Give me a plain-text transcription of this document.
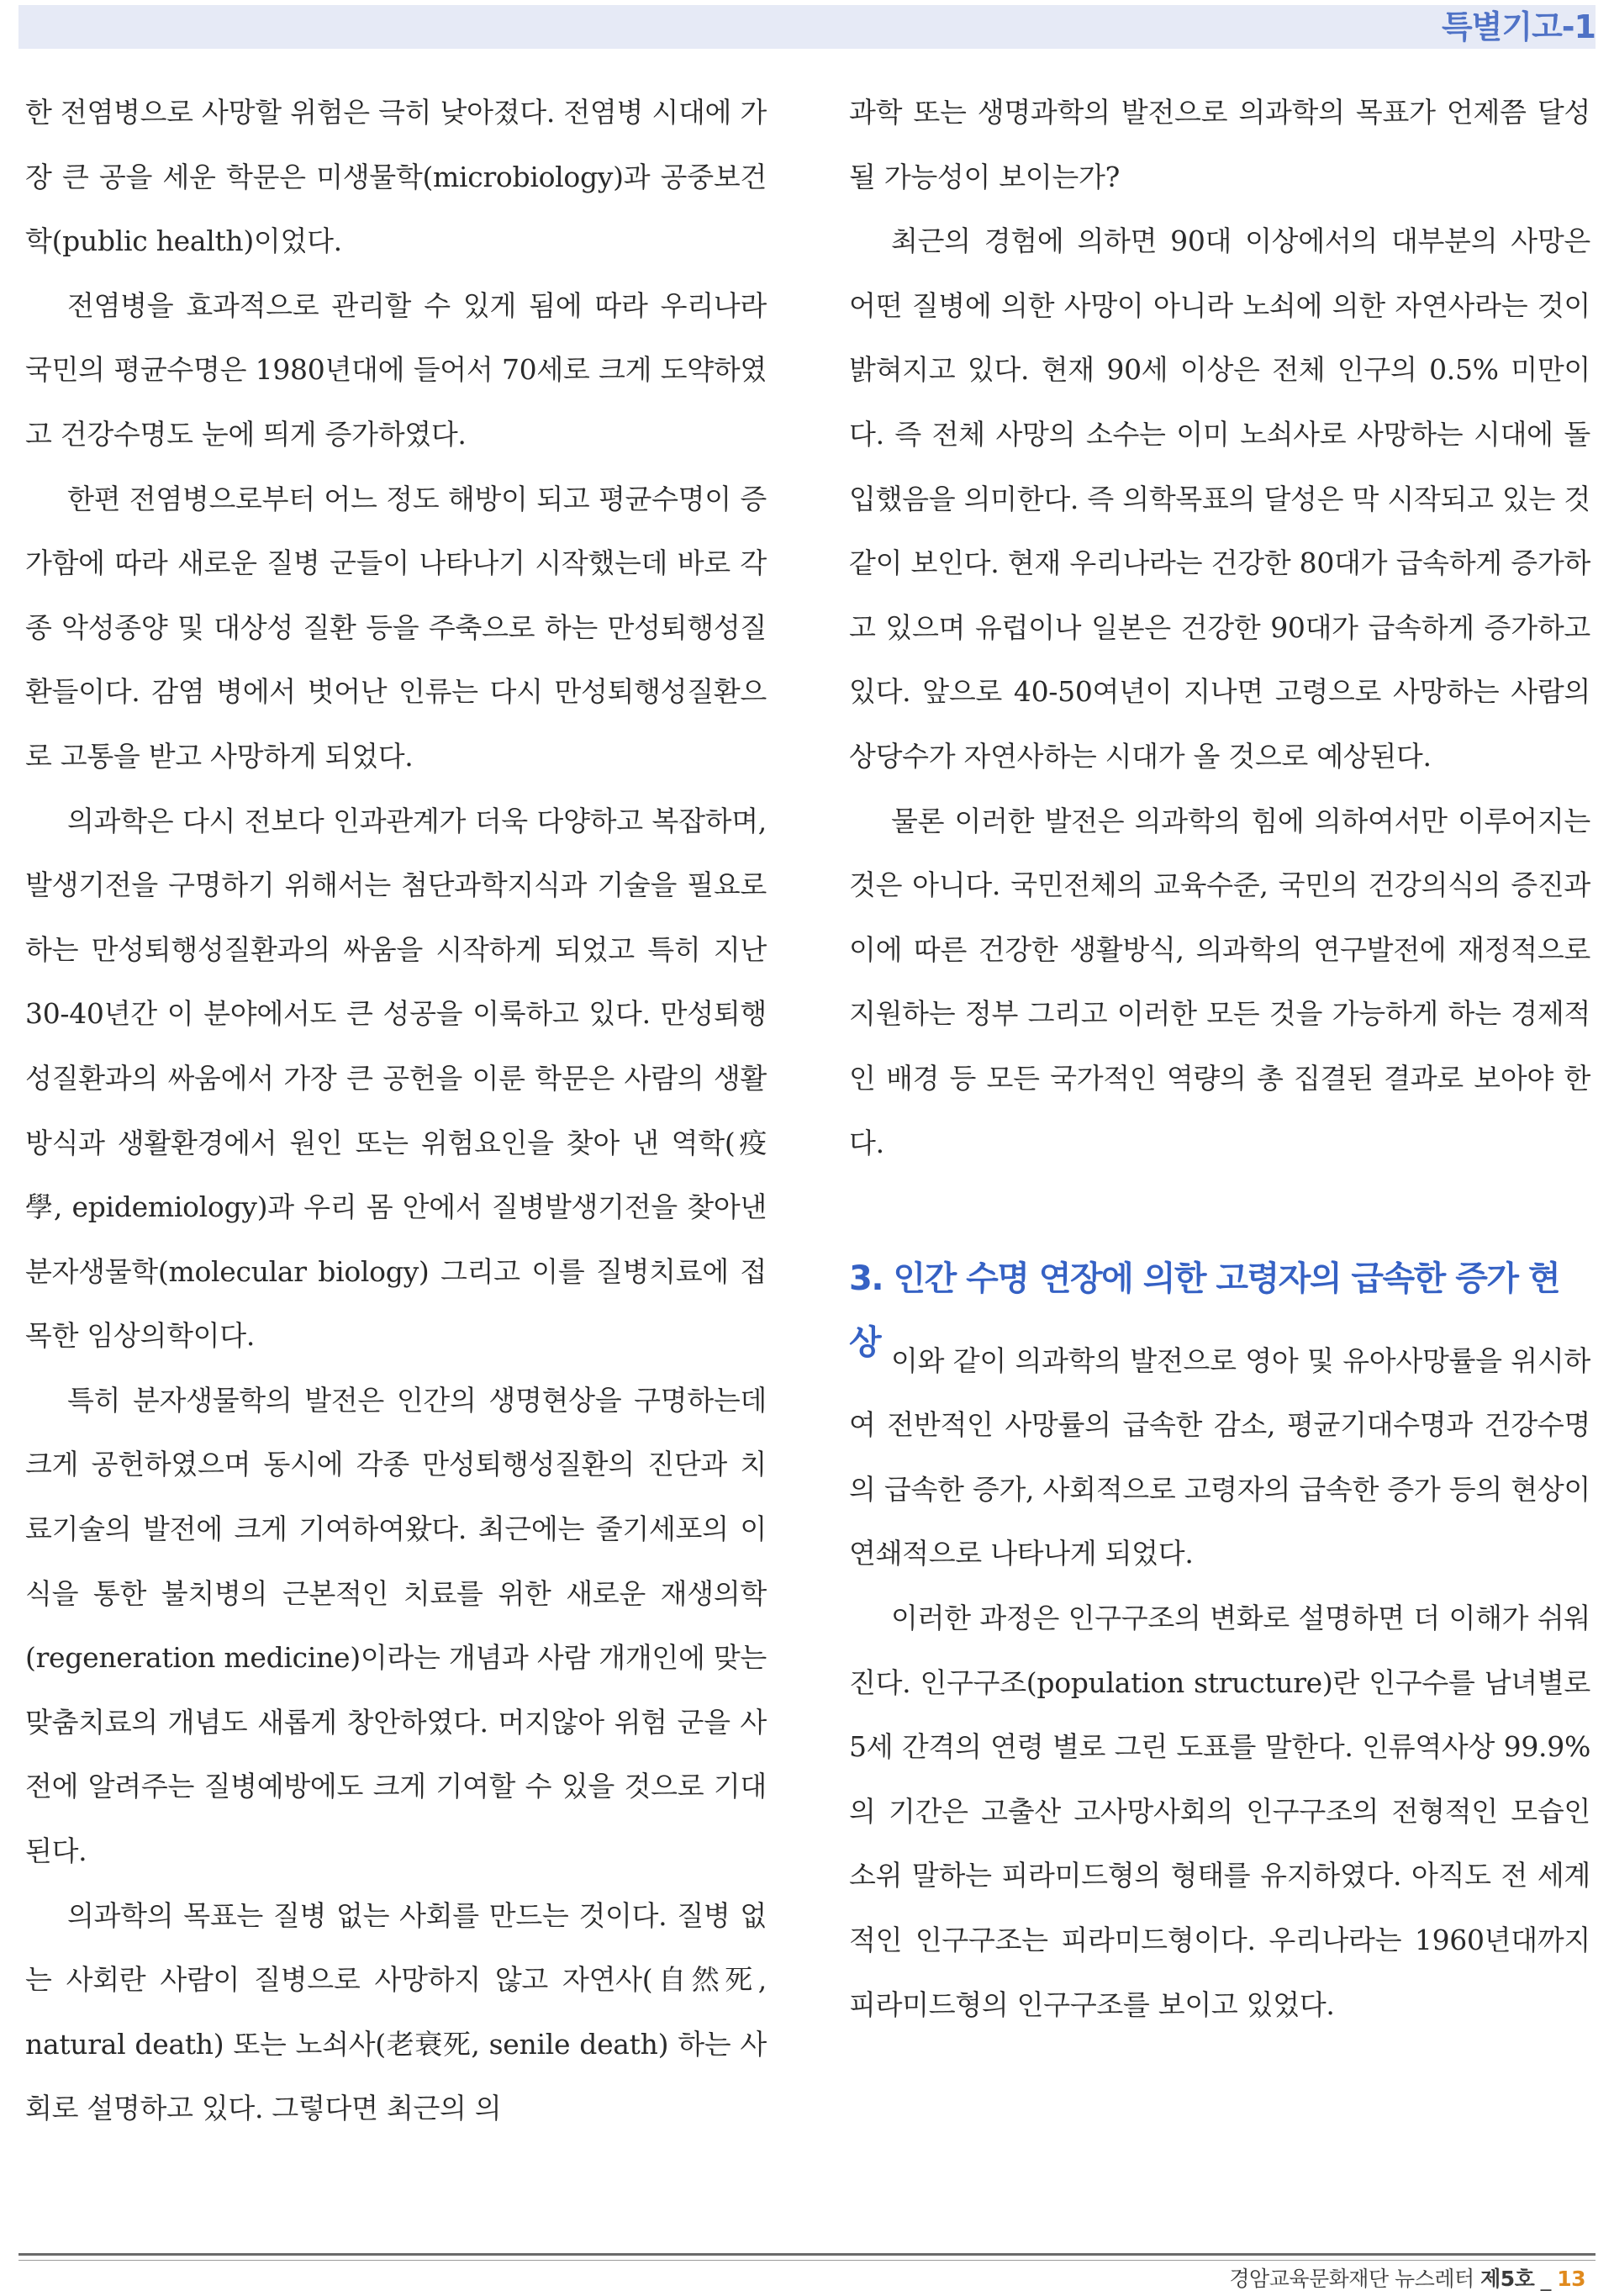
특별기고-1

한 전염병으로 사망할 위험은 극히 낮아졌다. 전염병 시대에 가장 큰 공을 세운 학문은 미생물학(microbiology)과 공중보건학(public health)이었다.

전염병을 효과적으로 관리할 수 있게 됨에 따라 우리나라 국민의 평균수명은 1980년대에 들어서 70세로 크게 도약하였고 건강수명도 눈에 띄게 증가하였다.

한편 전염병으로부터 어느 정도 해방이 되고 평균수명이 증가함에 따라 새로운 질병 군들이 나타나기 시작했는데 바로 각종 악성종양 및 대상성 질환 등을 주축으로 하는 만성퇴행성질환들이다. 감염 병에서 벗어난 인류는 다시 만성퇴행성질환으로 고통을 받고 사망하게 되었다.

의과학은 다시 전보다 인과관계가 더욱 다양하고 복잡하며, 발생기전을 구명하기 위해서는 첨단과학지식과 기술을 필요로 하는 만성퇴행성질환과의 싸움을 시작하게 되었고 특히 지난 30-40년간 이 분야에서도 큰 성공을 이룩하고 있다. 만성퇴행성질환과의 싸움에서 가장 큰 공헌을 이룬 학문은 사람의 생활방식과 생활환경에서 원인 또는 위험요인을 찾아 낸 역학(疫學, epidemiology)과 우리 몸 안에서 질병발생기전을 찾아낸 분자생물학(molecular biology) 그리고 이를 질병치료에 접목한 임상의학이다.

특히 분자생물학의 발전은 인간의 생명현상을 구명하는데 크게 공헌하였으며 동시에 각종 만성퇴행성질환의 진단과 치료기술의 발전에 크게 기여하여왔다. 최근에는 줄기세포의 이식을 통한 불치병의 근본적인 치료를 위한 새로운 재생의학(regeneration medicine)이라는 개념과 사람 개개인에 맞는 맞춤치료의 개념도 새롭게 창안하였다. 머지않아 위험 군을 사전에 알려주는 질병예방에도 크게 기여할 수 있을 것으로 기대된다.

의과학의 목표는 질병 없는 사회를 만드는 것이다. 질병 없는 사회란 사람이 질병으로 사망하지 않고 자연사(自然死, natural death) 또는 노쇠사(老衰死, senile death) 하는 사회로 설명하고 있다. 그렇다면 최근의 의

과학 또는 생명과학의 발전으로 의과학의 목표가 언제쯤 달성될 가능성이 보이는가?

최근의 경험에 의하면 90대 이상에서의 대부분의 사망은 어떤 질병에 의한 사망이 아니라 노쇠에 의한 자연사라는 것이 밝혀지고 있다. 현재 90세 이상은 전체 인구의 0.5% 미만이다. 즉 전체 사망의 소수는 이미 노쇠사로 사망하는 시대에 돌입했음을 의미한다. 즉 의학목표의 달성은 막 시작되고 있는 것 같이 보인다. 현재 우리나라는 건강한 80대가 급속하게 증가하고 있으며 유럽이나 일본은 건강한 90대가 급속하게 증가하고 있다. 앞으로 40-50여년이 지나면 고령으로 사망하는 사람의 상당수가 자연사하는 시대가 올 것으로 예상된다.

물론 이러한 발전은 의과학의 힘에 의하여서만 이루어지는 것은 아니다. 국민전체의 교육수준, 국민의 건강의식의 증진과 이에 따른 건강한 생활방식, 의과학의 연구발전에 재정적으로 지원하는 정부 그리고 이러한 모든 것을 가능하게 하는 경제적인 배경 등 모든 국가적인 역량의 총 집결된 결과로 보아야 한다.

3. 인간 수명 연장에 의한 고령자의 급속한 증가 현상 이와 같이 의과학의 발전으로 영아 및 유아사망률을 위시하여 전반적인 사망률의 급속한 감소, 평균기대수명과 건강수명의 급속한 증가, 사회적으로 고령자의 급속한 증가 등의 현상이 연쇄적으로 나타나게 되었다.

이러한 과정은 인구구조의 변화로 설명하면 더 이해가 쉬워진다. 인구구조(population structure)란 인구수를 남녀별로 5세 간격의 연령 별로 그린 도표를 말한다. 인류역사상 99.9%의 기간은 고출산 고사망사회의 인구구조의 전형적인 모습인 소위 말하는 피라미드형의 형태를 유지하였다. 아직도 전 세계적인 인구구조는 피라미드형이다. 우리나라는 1960년대까지 피라미드형의 인구구조를 보이고 있었다.

경암교육문화재단 뉴스레터 제5호 _ 13
